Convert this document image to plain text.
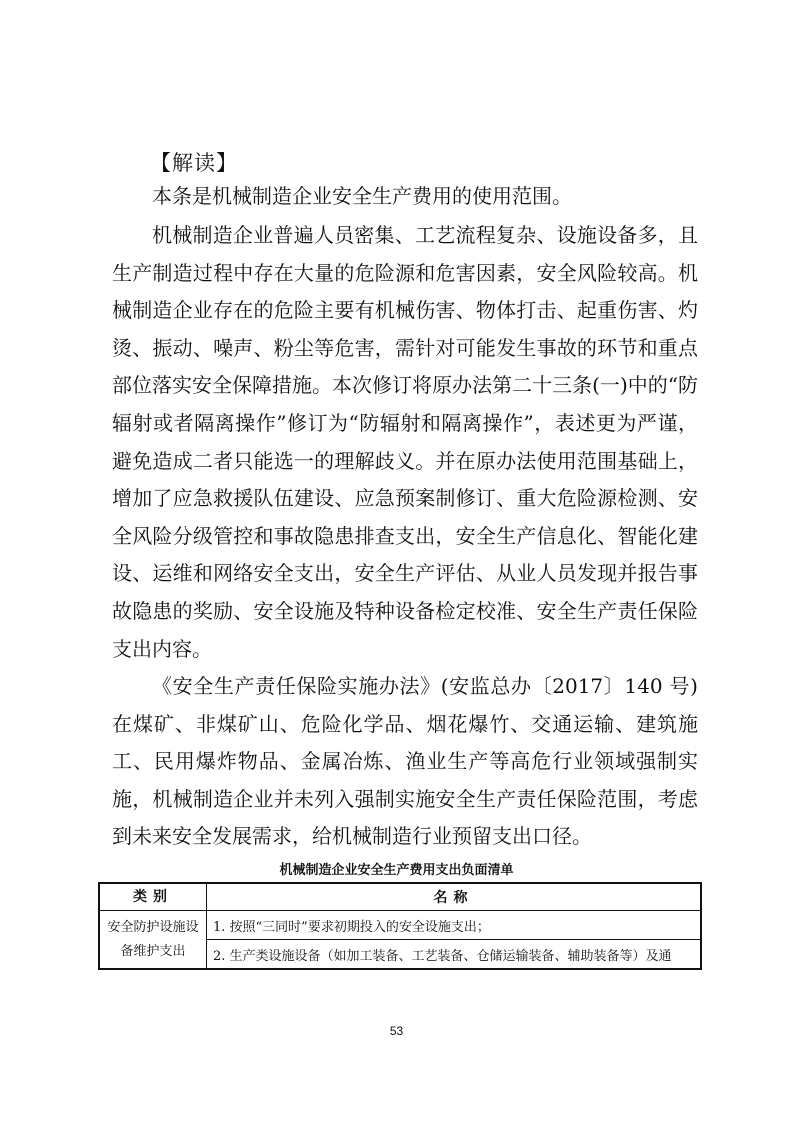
【解读】

本条是机械制造企业安全生产费用的使用范围。

机械制造企业普遍人员密集、工艺流程复杂、设施设备多，且生产制造过程中存在大量的危险源和危害因素，安全风险较高。机械制造企业存在的危险主要有机械伤害、物体打击、起重伤害、灼烫、振动、噪声、粉尘等危害，需针对可能发生事故的环节和重点部位落实安全保障措施。本次修订将原办法第二十三条(一)中的“防辐射或者隔离操作”修订为“防辐射和隔离操作”，表述更为严谨，避免造成二者只能选一的理解歧义。并在原办法使用范围基础上，增加了应急救援队伍建设、应急预案制修订、重大危险源检测、安全风险分级管控和事故隐患排查支出，安全生产信息化、智能化建设、运维和网络安全支出，安全生产评估、从业人员发现并报告事故隐患的奖励、安全设施及特种设备检定校准、安全生产责任保险支出内容。

《安全生产责任保险实施办法》(安监总办〔2017〕140 号)在煤矿、非煤矿山、危险化学品、烟花爆竹、交通运输、建筑施工、民用爆炸物品、金属冶炼、渔业生产等高危行业领域强制实施，机械制造企业并未列入强制实施安全生产责任保险范围，考虑到未来安全发展需求，给机械制造行业预留支出口径。

机械制造企业安全生产费用支出负面清单
类别	名称
安全防护设施设备维护支出	1. 按照“三同时”要求初期投入的安全设施支出；
	2. 生产类设施设备（如加工装备、工艺装备、仓储运输装备、辅助装备等）及通
53
